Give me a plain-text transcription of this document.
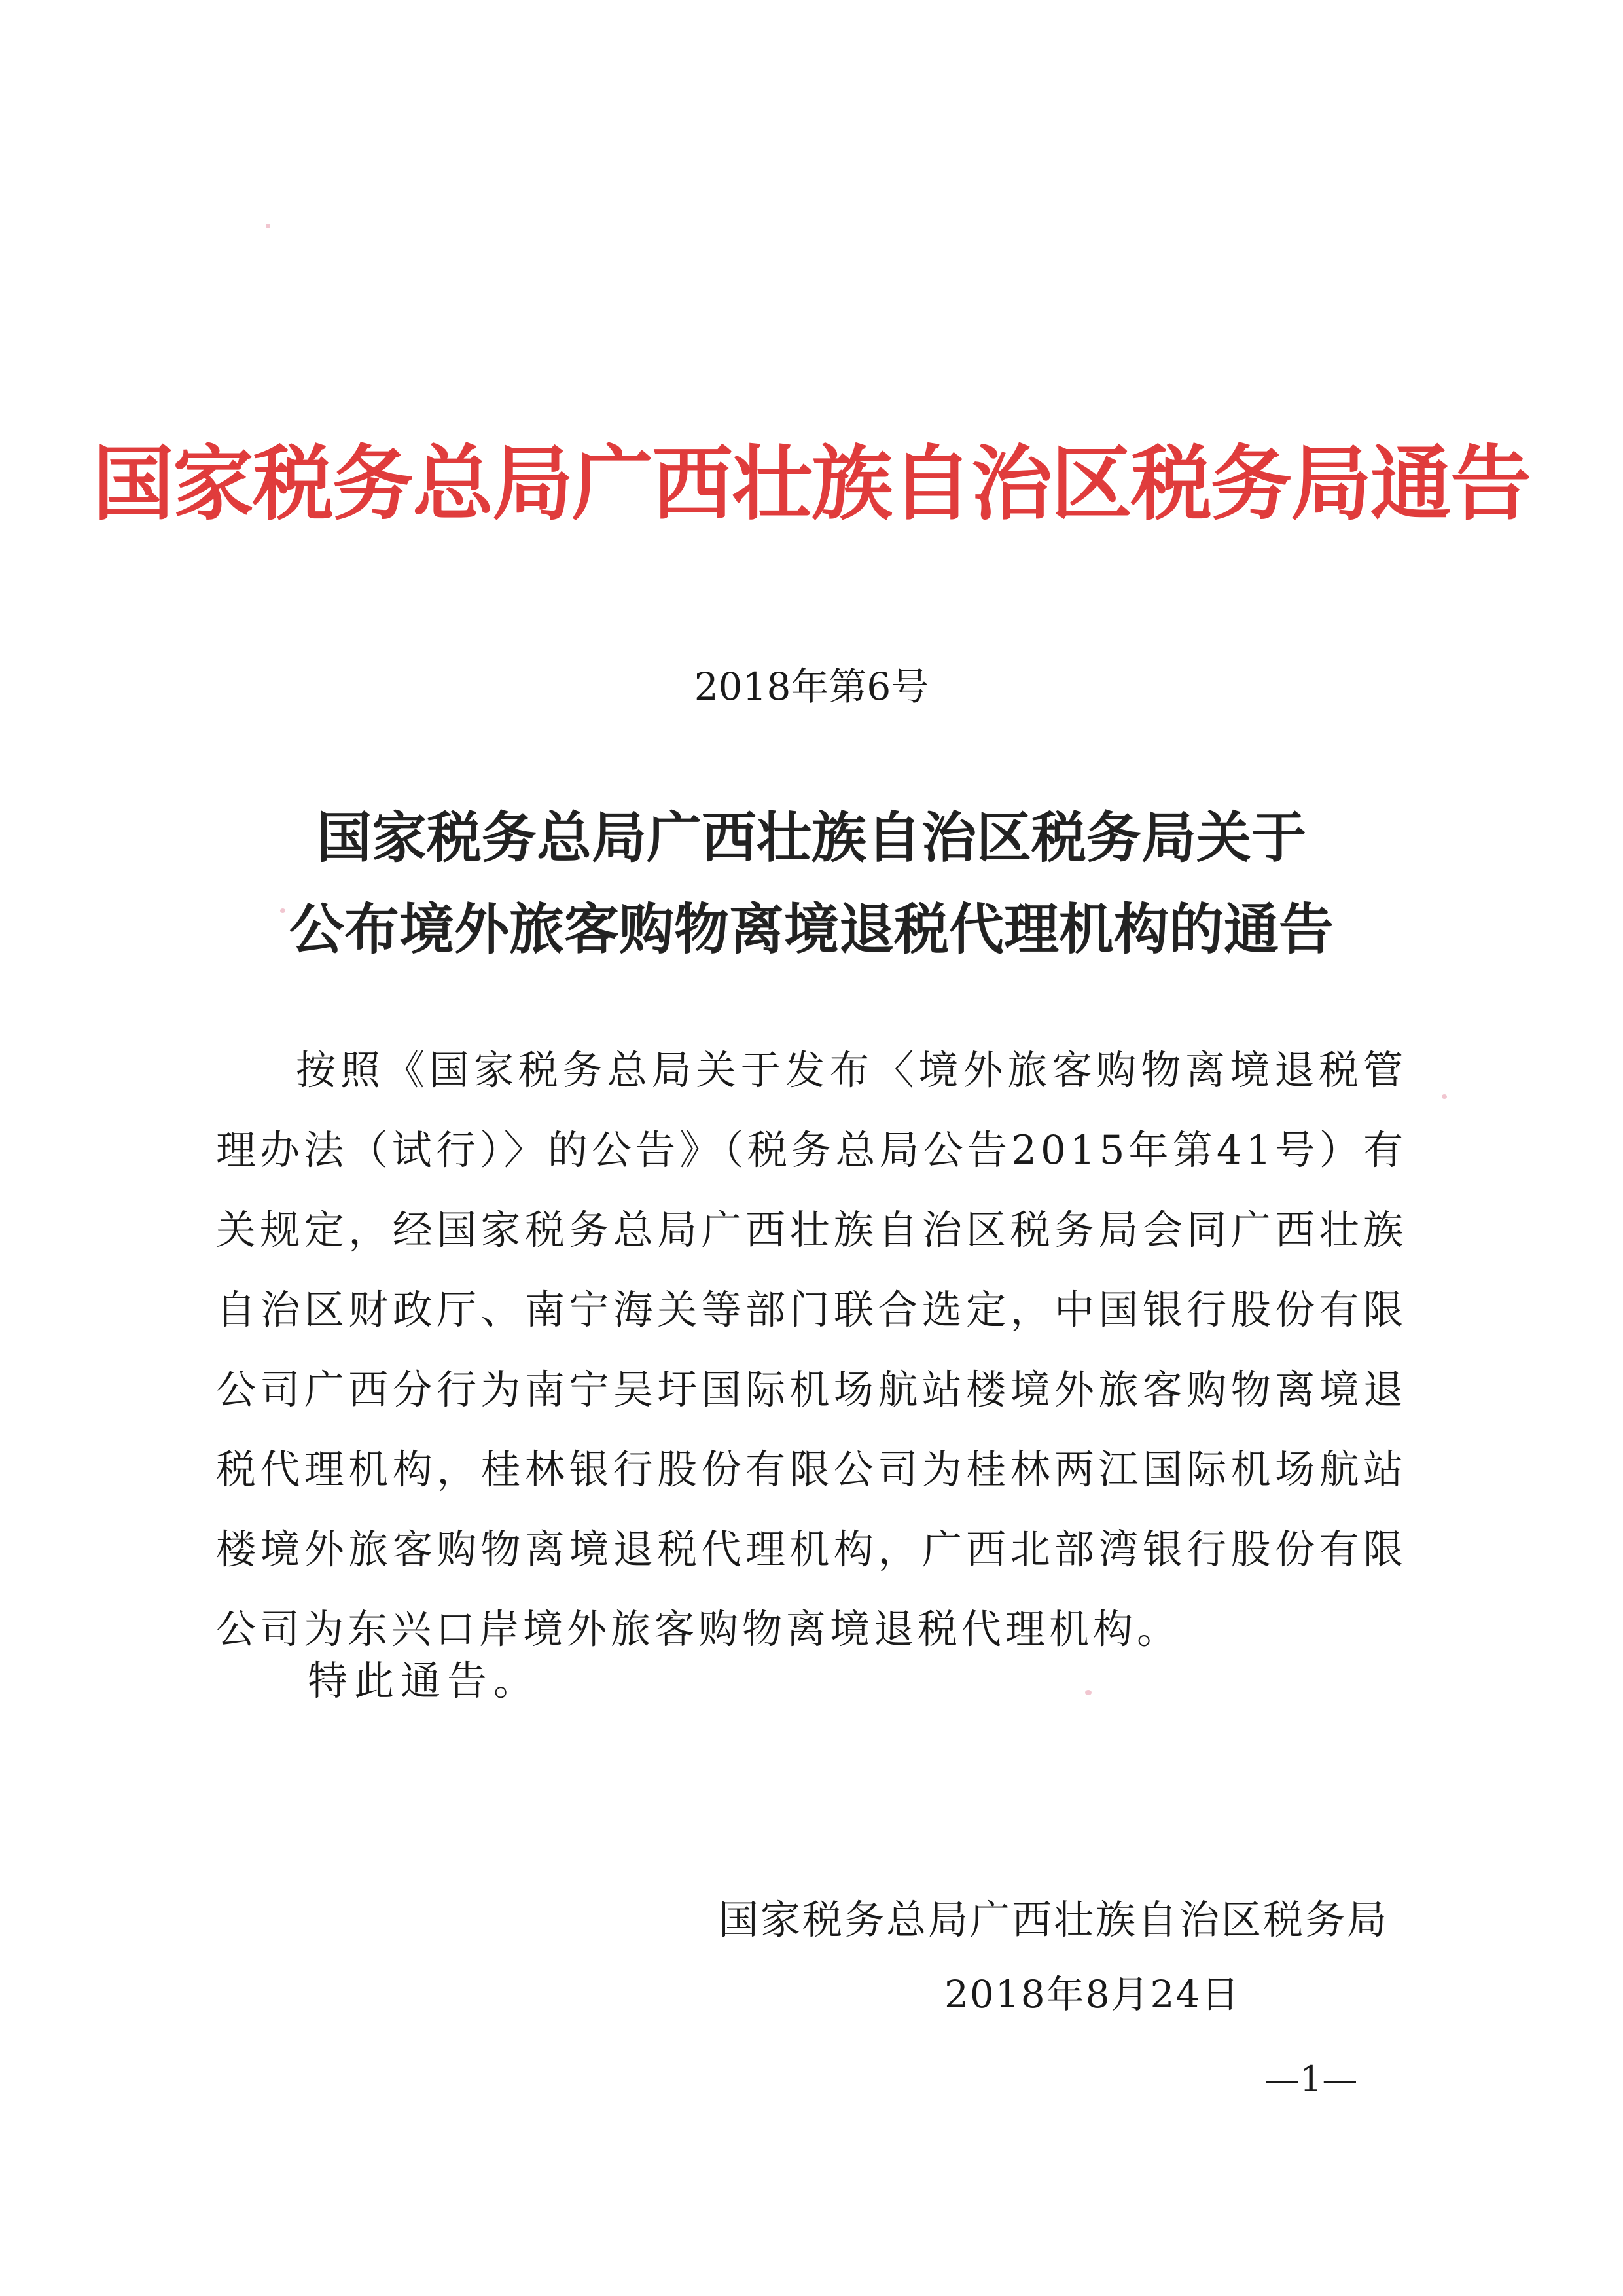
国家税务总局广西壮族自治区税务局通告
2018年第6号
国家税务总局广西壮族自治区税务局关于
公布境外旅客购物离境退税代理机构的通告

按照《国家税务总局关于发布〈境外旅客购物离境退税管理办法（试行）〉的公告》（税务总局公告2015年第41号）有关规定，经国家税务总局广西壮族自治区税务局会同广西壮族自治区财政厅、南宁海关等部门联合选定，中国银行股份有限公司广西分行为南宁吴圩国际机场航站楼境外旅客购物离境退税代理机构，桂林银行股份有限公司为桂林两江国际机场航站楼境外旅客购物离境退税代理机构，广西北部湾银行股份有限公司为东兴口岸境外旅客购物离境退税代理机构。

特此通告。
国家税务总局广西壮族自治区税务局
2018年8月24日
—1—
